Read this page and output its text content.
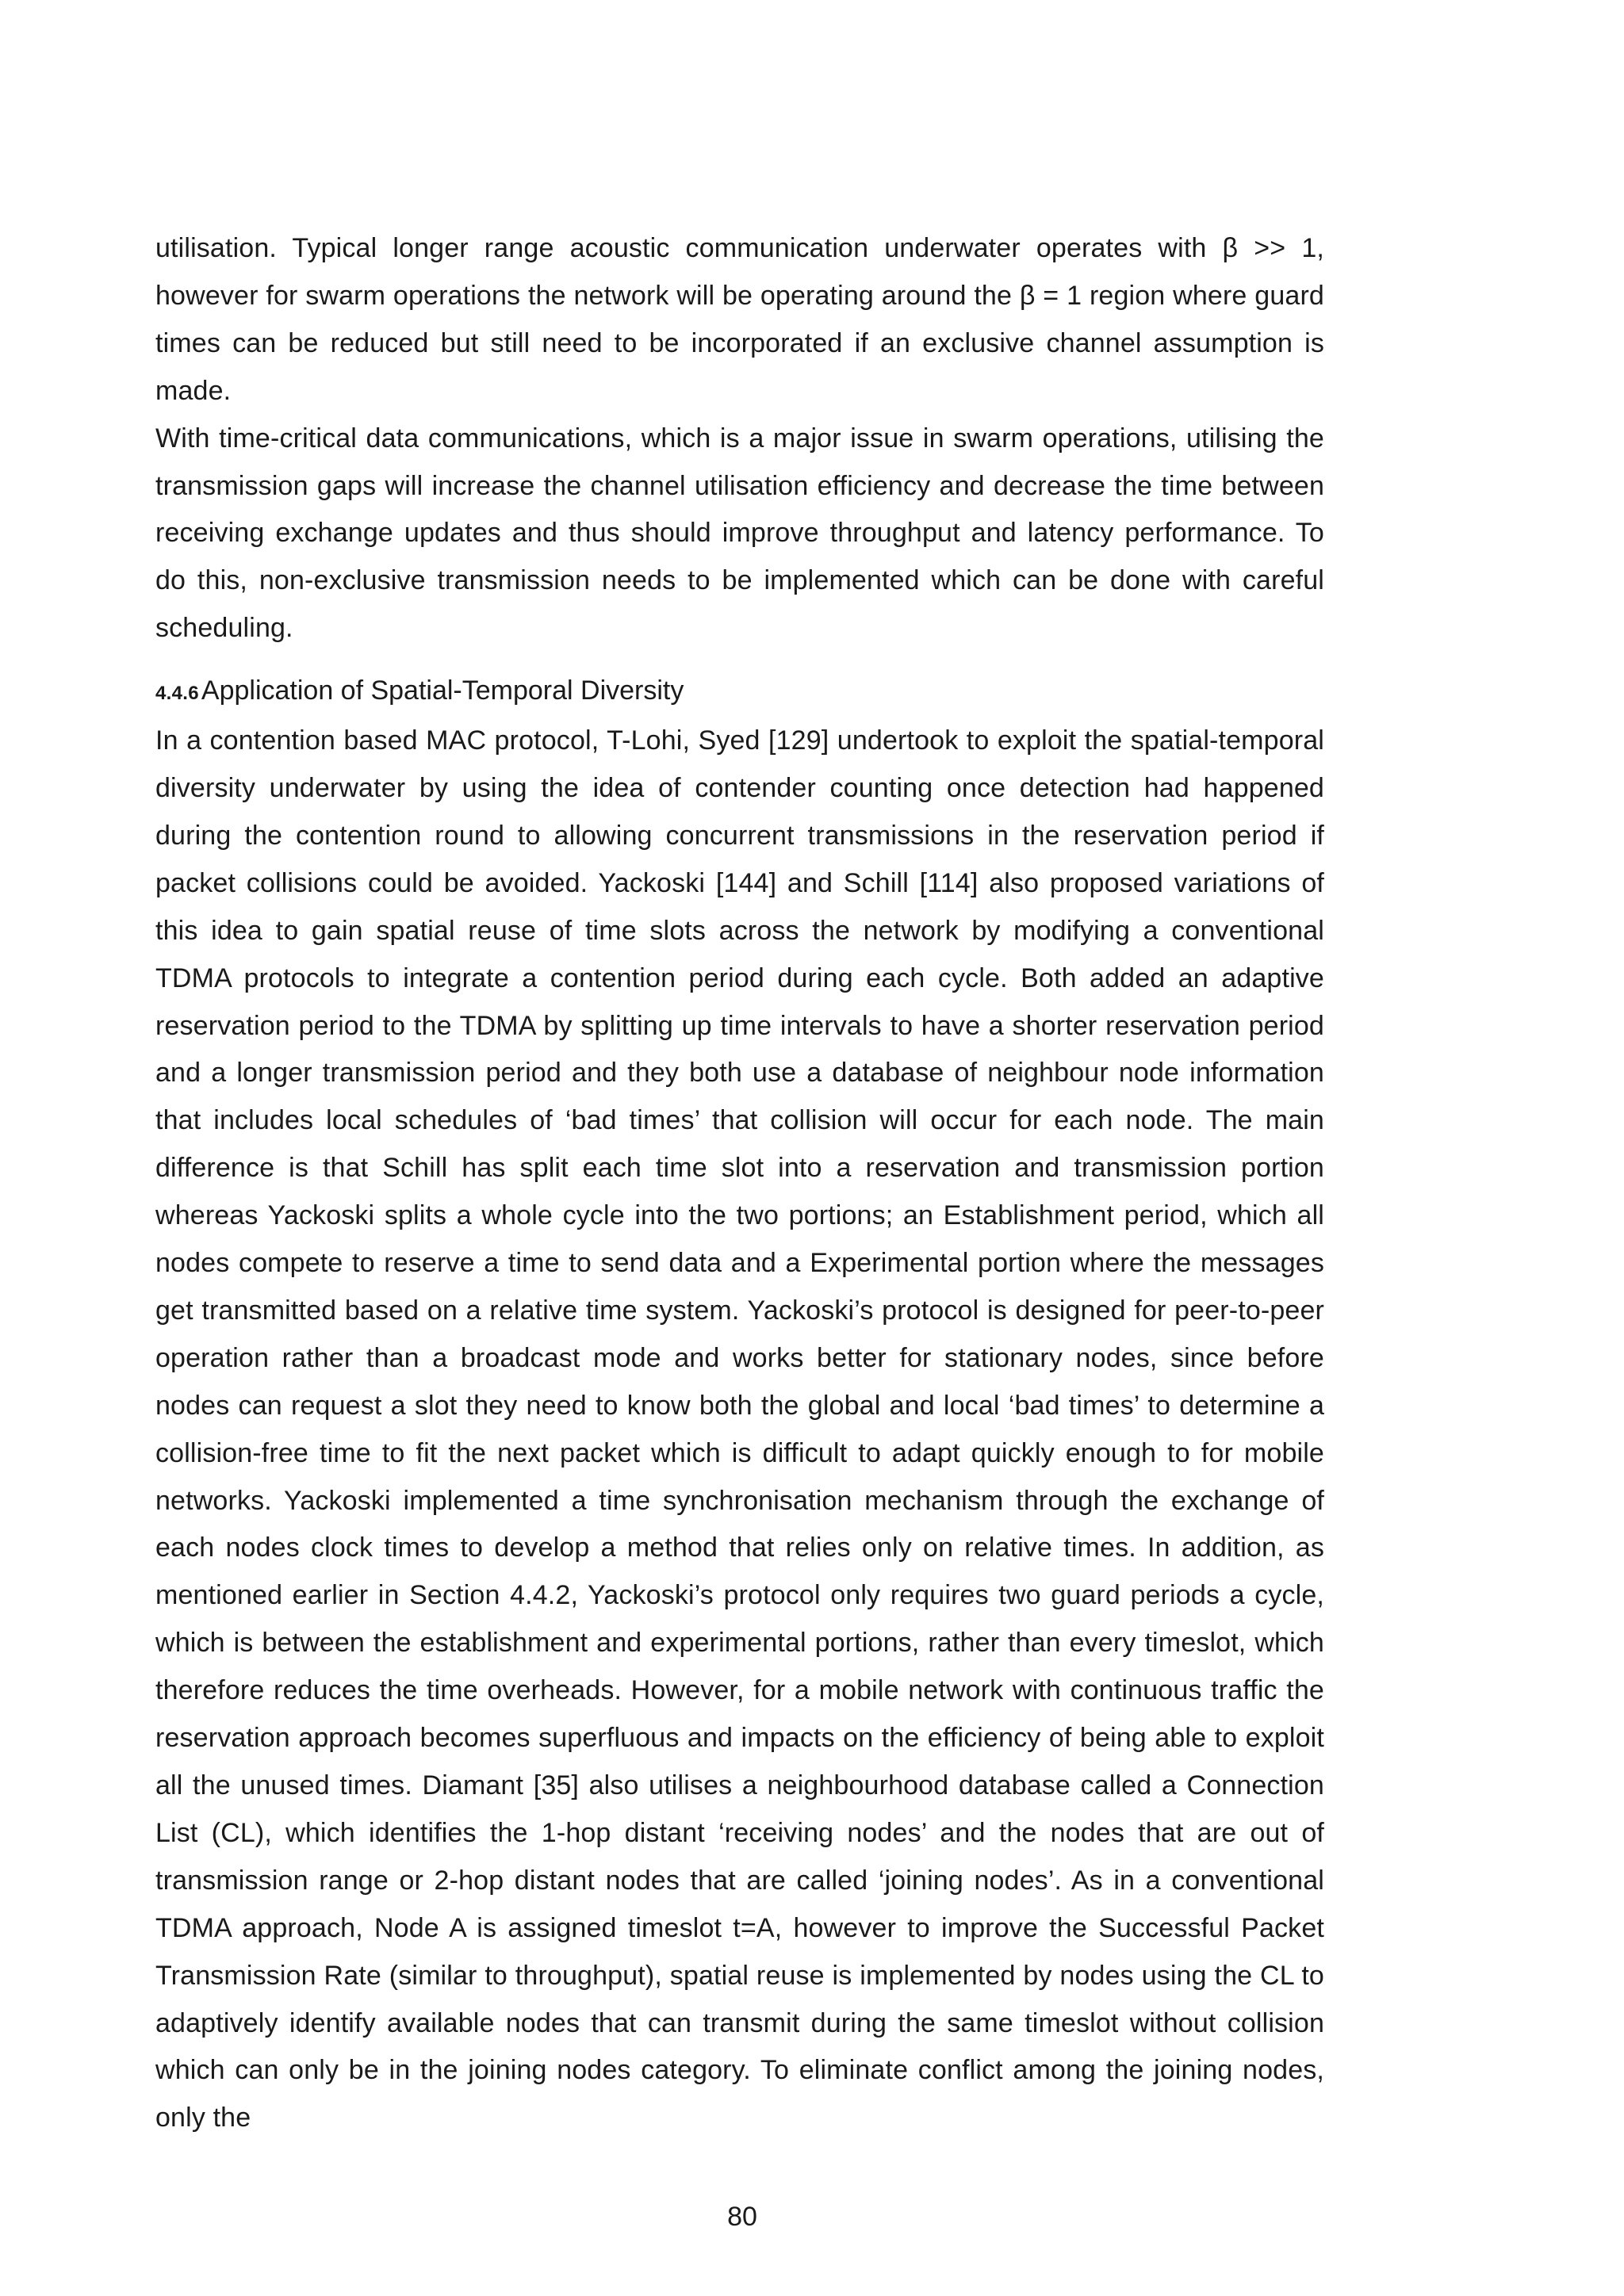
utilisation. Typical longer range acoustic communication underwater operates with β >> 1, however for swarm operations the network will be operating around the β = 1 region where guard times can be reduced but still need to be incorporated if an exclusive channel assumption is made.

With time-critical data communications, which is a major issue in swarm operations, utilising the transmission gaps will increase the channel utilisation efficiency and decrease the time between receiving exchange updates and thus should improve throughput and latency performance. To do this, non-exclusive transmission needs to be implemented which can be done with careful scheduling.

4.4.6 Application of Spatial-Temporal Diversity

In a contention based MAC protocol, T-Lohi, Syed [129] undertook to exploit the spatial-temporal diversity underwater by using the idea of contender counting once detection had happened during the contention round to allowing concurrent transmissions in the reservation period if packet collisions could be avoided. Yackoski [144] and Schill [114] also proposed variations of this idea to gain spatial reuse of time slots across the network by modifying a conventional TDMA protocols to integrate a contention period during each cycle. Both added an adaptive reservation period to the TDMA by splitting up time intervals to have a shorter reservation period and a longer transmission period and they both use a database of neighbour node information that includes local schedules of ‘bad times’ that collision will occur for each node. The main difference is that Schill has split each time slot into a reservation and transmission portion whereas Yackoski splits a whole cycle into the two portions; an Establishment period, which all nodes compete to reserve a time to send data and a Experimental portion where the messages get transmitted based on a relative time system. Yackoski’s protocol is designed for peer-to-peer operation rather than a broadcast mode and works better for stationary nodes, since before nodes can request a slot they need to know both the global and local ‘bad times’ to determine a collision-free time to fit the next packet which is difficult to adapt quickly enough to for mobile networks. Yackoski implemented a time synchronisation mechanism through the exchange of each nodes clock times to develop a method that relies only on relative times. In addition, as mentioned earlier in Section 4.4.2, Yackoski’s protocol only requires two guard periods a cycle, which is between the establishment and experimental portions, rather than every timeslot, which therefore reduces the time overheads. However, for a mobile network with continuous traffic the reservation approach becomes superfluous and impacts on the efficiency of being able to exploit all the unused times. Diamant [35] also utilises a neighbourhood database called a Connection List (CL), which identifies the 1-hop distant ‘receiving nodes’ and the nodes that are out of transmission range or 2-hop distant nodes that are called ‘joining nodes’. As in a conventional TDMA approach, Node A is assigned timeslot t=A, however to improve the Successful Packet Transmission Rate (similar to throughput), spatial reuse is implemented by nodes using the CL to adaptively identify available nodes that can transmit during the same timeslot without collision which can only be in the joining nodes category. To eliminate conflict among the joining nodes, only the

80
